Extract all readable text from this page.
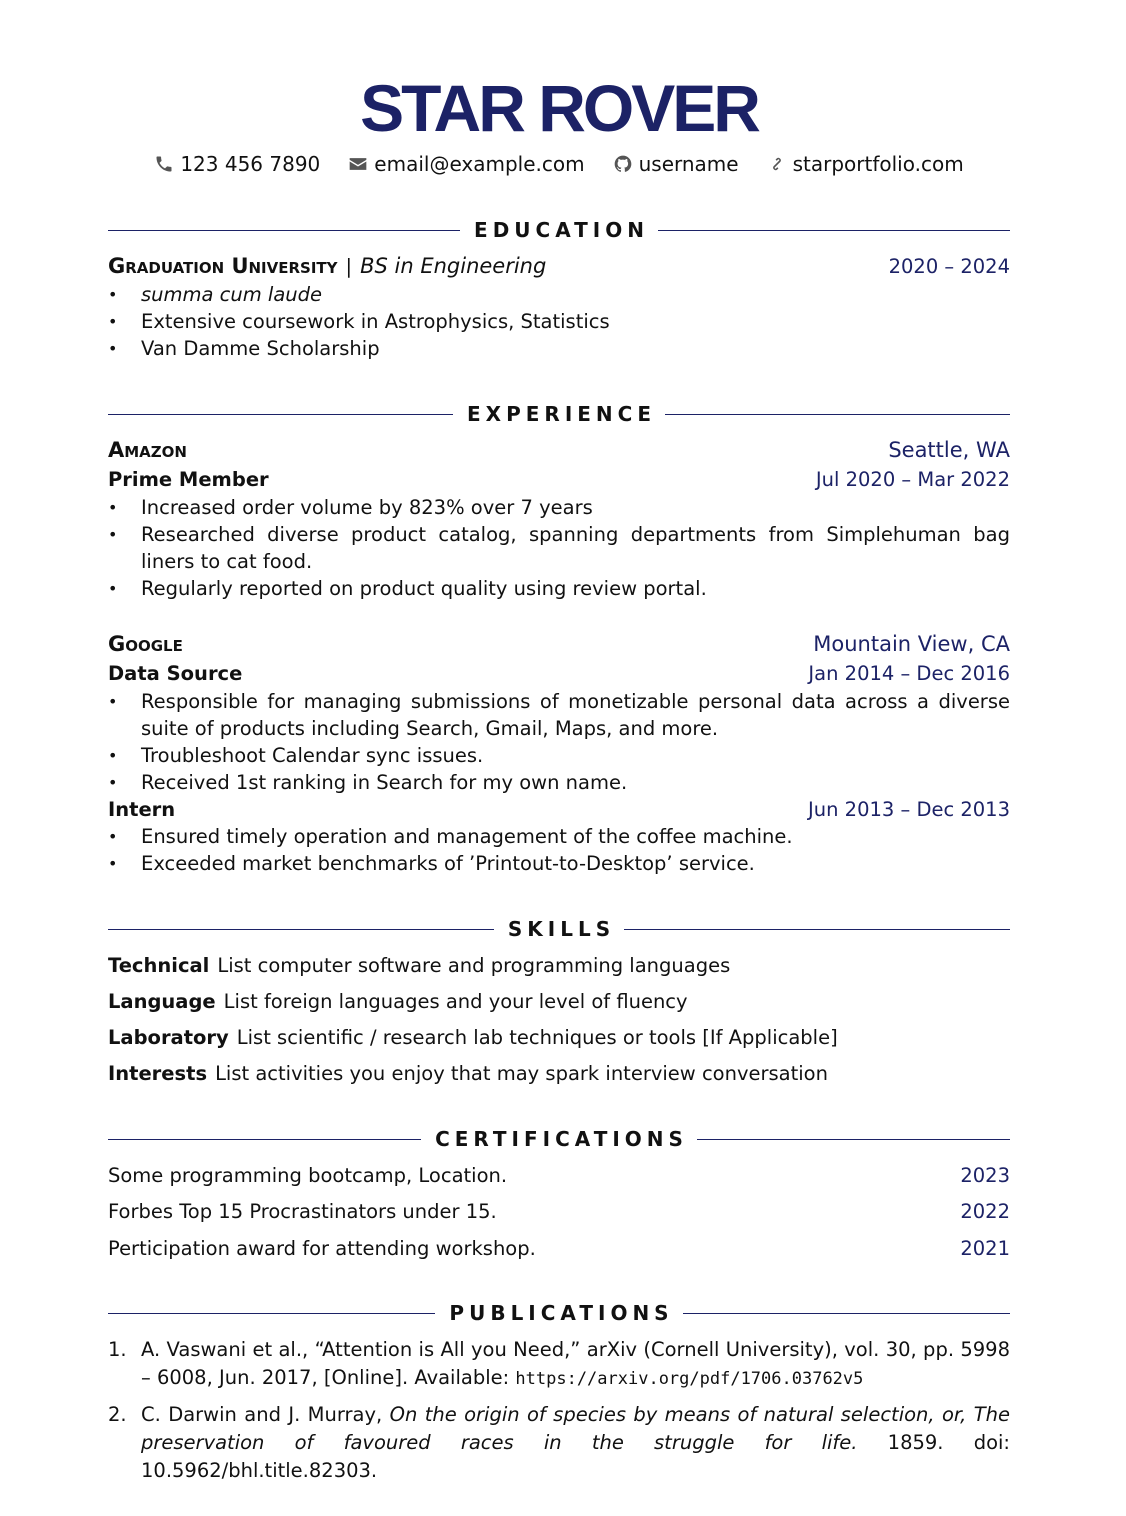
STAR ROVER
123 456 7890	email@example.com	username	starportfolio.com
EDUCATION
Graduation University | BS in Engineering	2020 – 2024
• summa cum laude
• Extensive coursework in Astrophysics, Statistics
• Van Damme Scholarship
EXPERIENCE
Amazon	Seattle, WA
Prime Member	Jul 2020 – Mar 2022
• Increased order volume by 823% over 7 years
• Researched diverse product catalog, spanning departments from Simplehuman bag liners to cat food.
• Regularly reported on product quality using review portal.
Google	Mountain View, CA
Data Source	Jan 2014 – Dec 2016
• Responsible for managing submissions of monetizable personal data across a diverse suite of products including Search, Gmail, Maps, and more.
• Troubleshoot Calendar sync issues.
• Received 1st ranking in Search for my own name.
Intern	Jun 2013 – Dec 2013
• Ensured timely operation and management of the coffee machine.
• Exceeded market benchmarks of ’Printout-to-Desktop’ service.
SKILLS
Technical List computer software and programming languages
Language List foreign languages and your level of fluency
Laboratory List scientific / research lab techniques or tools [If Applicable]
Interests List activities you enjoy that may spark interview conversation
CERTIFICATIONS
Some programming bootcamp, Location.	2023
Forbes Top 15 Procrastinators under 15.	2022
Perticipation award for attending workshop.	2021
PUBLICATIONS
1. A. Vaswani et al., “Attention is All you Need,” arXiv (Cornell University), vol. 30, pp. 5998 – 6008, Jun. 2017, [Online]. Available: https://arxiv.org/pdf/1706.03762v5
2. C. Darwin and J. Murray, On the origin of species by means of natural selection, or, The preservation of favoured races in the struggle for life. 1859. doi: 10.5962/bhl.title.82303.
